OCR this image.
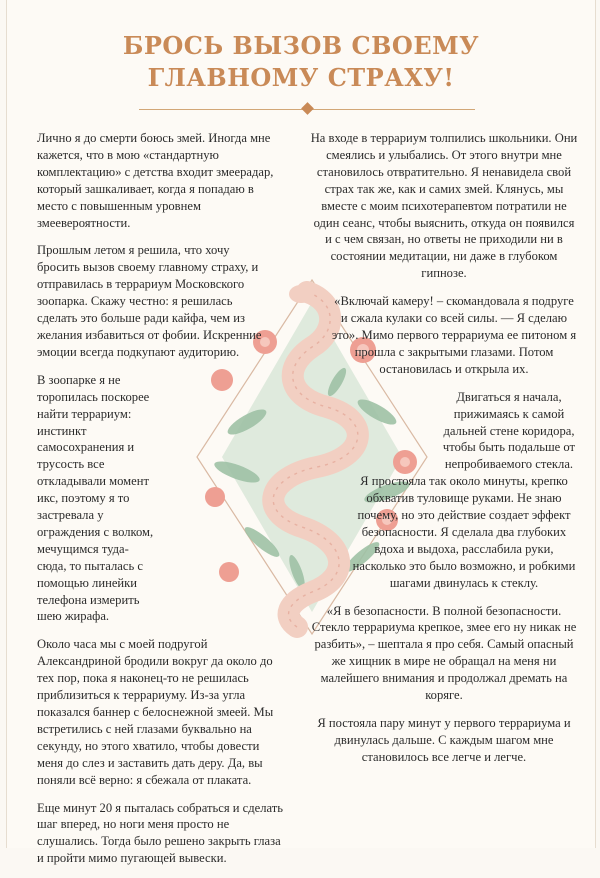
БРОСЬ ВЫЗОВ СВОЕМУ
ГЛАВНОМУ СТРАХУ!

Лично я до смерти боюсь змей. Иногда мне кажется, что в мою «стандартную комплектацию» с детства входит змеерадар, который зашкаливает, когда я попадаю в место с повышенным уровнем змеевероятности.

Прошлым летом я решила, что хочу бросить вызов своему главному страху, и отправилась в террариум Московского зоопарка. Скажу честно: я решилась сделать это больше ради кайфа, чем из желания избавиться от фобии. Искренние эмоции всегда подкупают аудиторию.

В зоопарке я не торопилась поскорее найти террариум: инстинкт самосохранения и трусость все откладывали момент икс, поэтому я то застревала у ограждения с волком, мечущимся туда-сюда, то пыталась с помощью линейки телефона измерить шею жирафа.

Около часа мы с моей подругой Александриной бродили вокруг да около до тех пор, пока я наконец-то не решилась приблизиться к террариуму. Из-за угла показался баннер с белоснежной змеей. Мы встретились с ней глазами буквально на секунду, но этого хватило, чтобы довести меня до слез и заставить дать деру. Да, вы поняли всё верно: я сбежала от плаката.

Еще минут 20 я пыталась собраться и сделать шаг вперед, но ноги меня просто не слушались. Тогда было решено закрыть глаза и пройти мимо пугающей вывески.

На входе в террариум толпились школьники. Они смеялись и улыбались. От этого внутри мне становилось отвратительно. Я ненавидела свой страх так же, как и самих змей. Клянусь, мы вместе с моим психотерапевтом потратили не один сеанс, чтобы выяснить, откуда он появился и с чем связан, но ответы не приходили ни в состоянии медитации, ни даже в глубоком гипнозе.

«Включай камеру! – скомандовала я подруге и сжала кулаки со всей силы. — Я сделаю это». Мимо первого террариума ее питоном я прошла с закрытыми глазами. Потом остановилась и открыла их.

Двигаться я начала, прижимаясь к самой дальней стене коридора, чтобы быть подальше от непробиваемого стекла.

Я простояла так около минуты, крепко обхватив туловище руками. Не знаю почему, но это действие создает эффект безопасности. Я сделала два глубоких вдоха и выдоха, расслабила руки, насколько это было возможно, и робкими шагами двинулась к стеклу.

«Я в безопасности. В полной безопасности. Стекло террариума крепкое, змее его ну никак не разбить», – шептала я про себя. Самый опасный же хищник в мире не обращал на меня ни малейшего внимания и продолжал дремать на коряге.

Я постояла пару минут у первого террариума и двинулась дальше. С каждым шагом мне становилось все легче и легче.
